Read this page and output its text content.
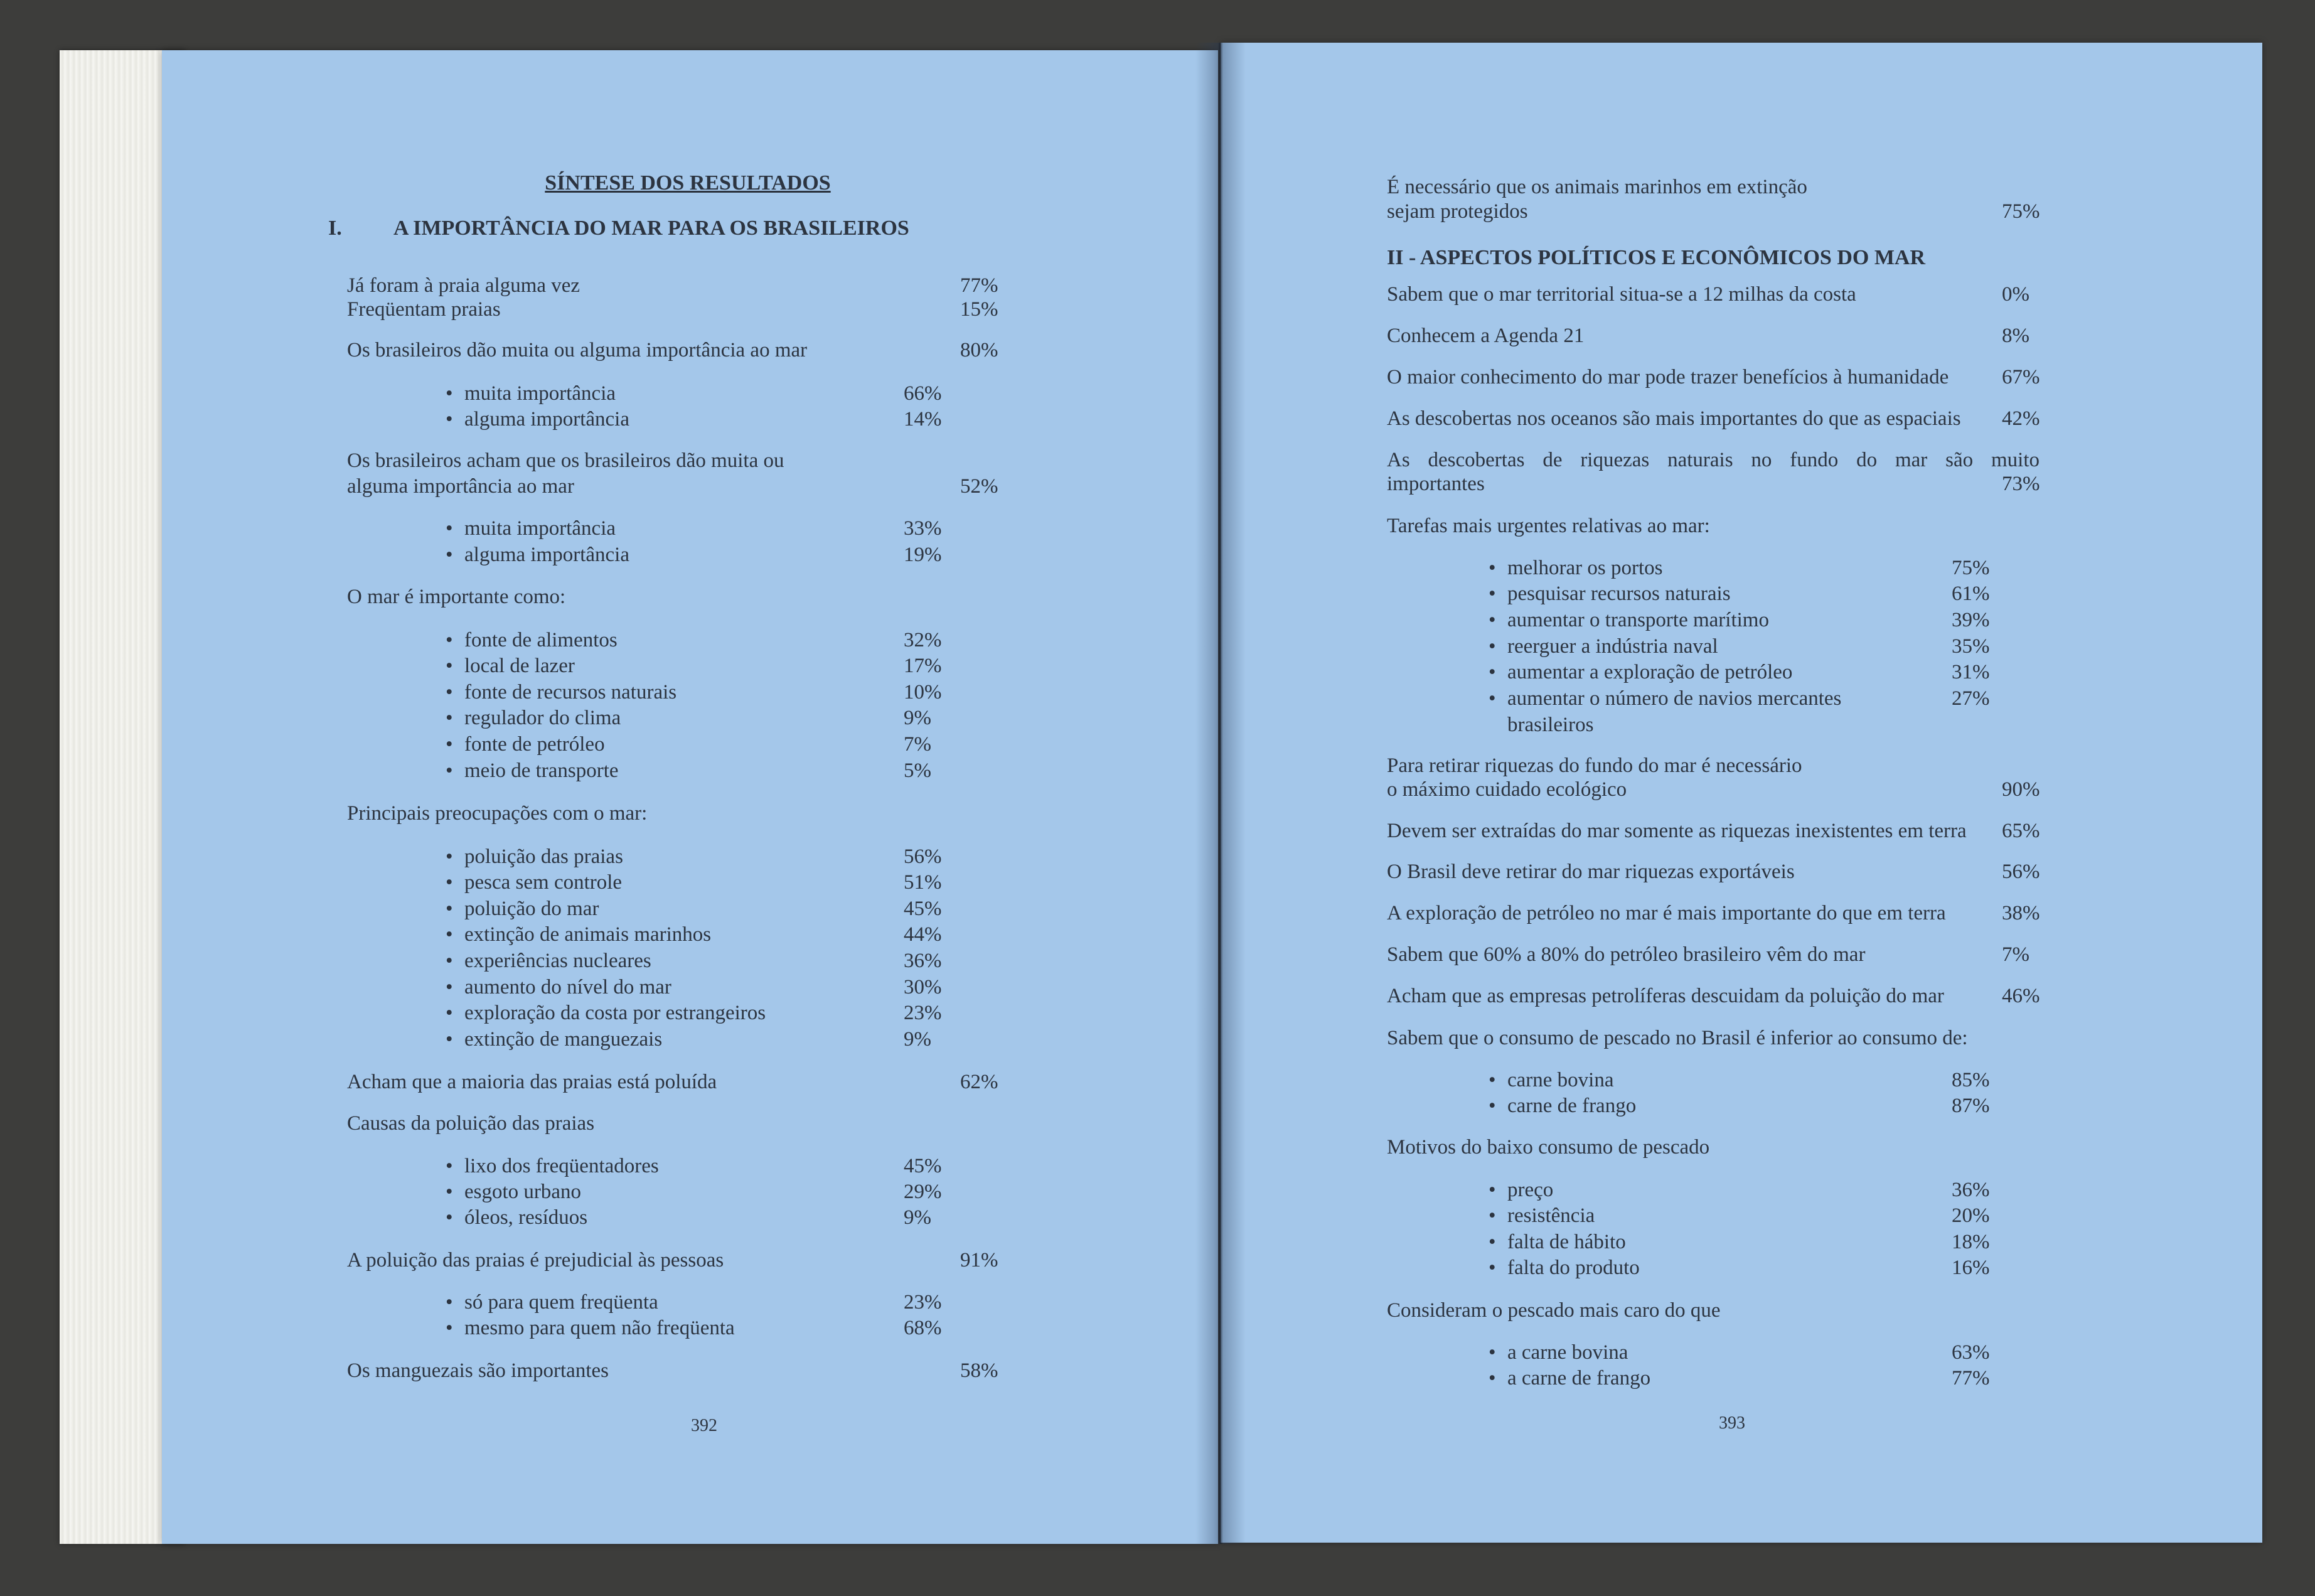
SÍNTESE DOS RESULTADOS
I. A IMPORTÂNCIA DO MAR PARA OS BRASILEIROS
Já foram à praia alguma vez	77%
Freqüentam praias	15%
Os brasileiros dão muita ou alguma importância ao mar	80%
• muita importância	66%
• alguma importância	14%
Os brasileiros acham que os brasileiros dão muita ou
alguma importância ao mar	52%
• muita importância	33%
• alguma importância	19%
O mar é importante como:
• fonte de alimentos	32%
• local de lazer	17%
• fonte de recursos naturais	10%
• regulador do clima	9%
• fonte de petróleo	7%
• meio de transporte	5%
Principais preocupações com o mar:
• poluição das praias	56%
• pesca sem controle	51%
• poluição do mar	45%
• extinção de animais marinhos	44%
• experiências nucleares	36%
• aumento do nível do mar	30%
• exploração da costa por estrangeiros	23%
• extinção de manguezais	9%
Acham que a maioria das praias está poluída	62%
Causas da poluição das praias
• lixo dos freqüentadores	45%
• esgoto urbano	29%
• óleos, resíduos	9%
A poluição das praias é prejudicial às pessoas	91%
• só para quem freqüenta	23%
• mesmo para quem não freqüenta	68%
Os manguezais são importantes	58%
392
II - ASPECTOS POLÍTICOS E ECONÔMICOS DO MAR
É necessário que os animais marinhos em extinção
sejam protegidos	75%
Sabem que o mar territorial situa-se a 12 milhas da costa	0%
Conhecem a Agenda 21	8%
O maior conhecimento do mar pode trazer benefícios à humanidade	67%
As descobertas nos oceanos são mais importantes do que as espaciais 42%
As descobertas de riquezas naturais no fundo do mar são muito
importantes	73%
Tarefas mais urgentes relativas ao mar:
• melhorar os portos	75%
• pesquisar recursos naturais	61%
• aumentar o transporte marítimo	39%
• reerguer a indústria naval	35%
• aumentar a exploração de petróleo	31%
• aumentar o número de navios mercantes	27%
brasileiros
Para retirar riquezas do fundo do mar é necessário
o máximo cuidado ecológico	90%
Devem ser extraídas do mar somente as riquezas inexistentes em terra 65%
O Brasil deve retirar do mar riquezas exportáveis	56%
A exploração de petróleo no mar é mais importante do que em terra	38%
Sabem que 60% a 80% do petróleo brasileiro vêm do mar	7%
Acham que as empresas petrolíferas descuidam da poluição do mar	46%
Sabem que o consumo de pescado no Brasil é inferior ao consumo de:
• carne bovina	85%
• carne de frango	87%
Motivos do baixo consumo de pescado
• preço	36%
• resistência	20%
• falta de hábito	18%
• falta do produto	16%
Consideram o pescado mais caro do que
• a carne bovina	63%
• a carne de frango	77%
393
